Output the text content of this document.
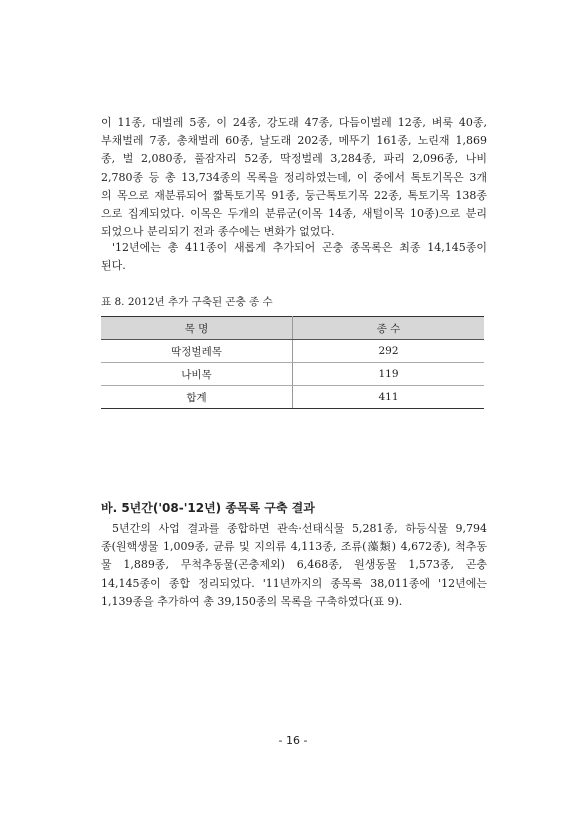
이 11종, 대벌레 5종, 이 24종, 강도래 47종, 다듬이벌레 12종, 벼룩 40종,
부채벌레 7종, 총채벌레 60종, 날도래 202종, 메뚜기 161종, 노린재 1,869
종, 벌 2,080종, 풀잠자리 52종, 딱정벌레 3,284종, 파리 2,096종, 나비
2,780종 등 총 13,734종의 목록을 정리하였는데, 이 중에서 톡토기목은 3개
의 목으로 재분류되어 짧톡토기목 91종, 둥근톡토기목 22종, 톡토기목 138종
으로 집계되었다. 이목은 두개의 분류군(이목 14종, 새털이목 10종)으로 분리
되었으나 분리되기 전과 종수에는 변화가 없었다.
'12년에는 총 411종이 새롭게 추가되어 곤충 종목록은 최종 14,145종이
된다.
표 8. 2012년 추가 구축된 곤충 종 수
목 명	종 수
딱정벌레목	292
나비목	119
합계	411
바. 5년간('08-'12년) 종목록 구축 결과
5년간의 사업 결과를 종합하면 관속·선태식물 5,281종, 하등식물 9,794
종(원핵생물 1,009종, 균류 및 지의류 4,113종, 조류(藻類) 4,672종), 척추동
물 1,889종, 무척추동물(곤충제외) 6,468종, 원생동물 1,573종, 곤충
14,145종이 종합 정리되었다. '11년까지의 종목록 38,011종에 '12년에는
1,139종을 추가하여 총 39,150종의 목록을 구축하였다(표 9).
- 16 -
